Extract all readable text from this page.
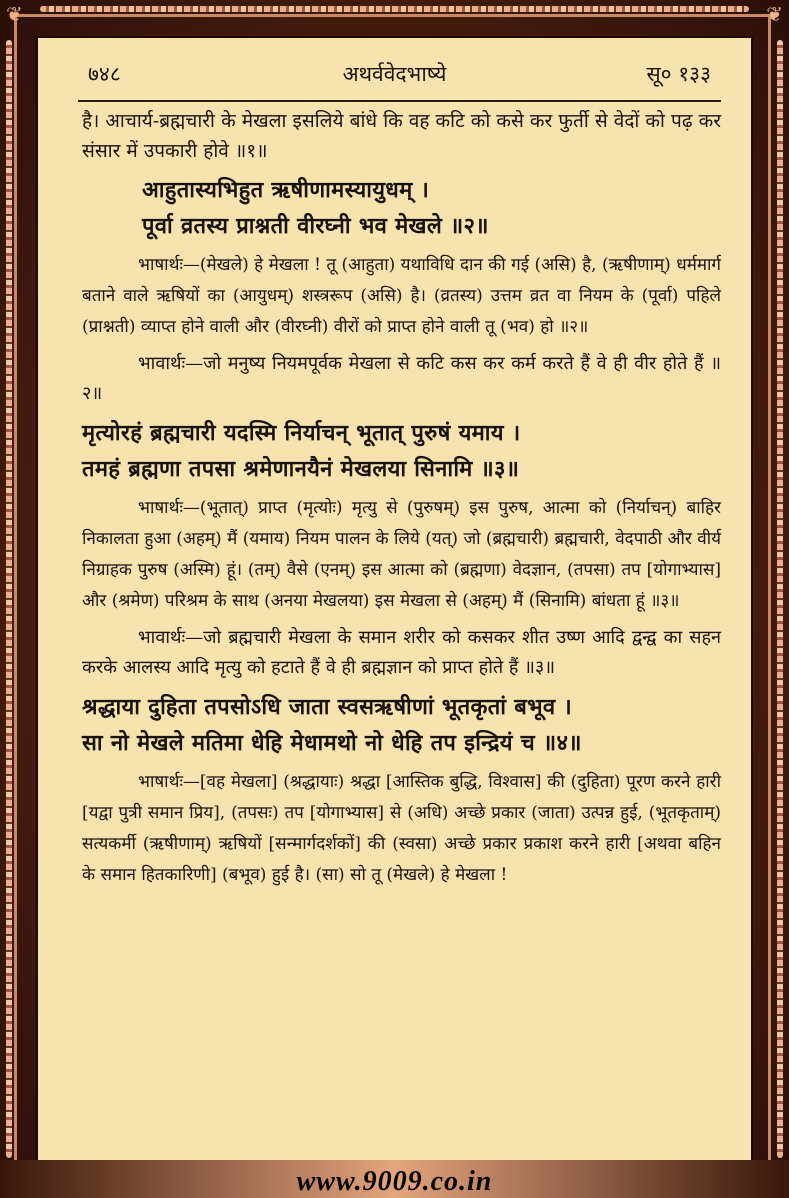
❦	❦
७४८	अथर्ववेदभाष्ये	सू० १३३

है। आचार्य-ब्रह्मचारी के मेखला इसलिये बांधे कि वह कटि को कसे कर फुर्ती से वेदों को पढ़ कर संसार में उपकारी होवे ॥१॥

आहुतास्यभिहुत ऋषीणामस्यायुधम् ।

पूर्वा व्रतस्य प्राश्नती वीरघ्नी भव मेखले ॥२॥

भाषार्थः—(मेखले) हे मेखला ! तू (आहुता) यथाविधि दान की गई (असि) है, (ऋषीणाम्) धर्ममार्ग बताने वाले ऋषियों का (आयुधम्) शस्त्ररूप (असि) है। (व्रतस्य) उत्तम व्रत वा नियम के (पूर्वा) पहिले (प्राश्नती) व्याप्त होने वाली और (वीरघ्नी) वीरों को प्राप्त होने वाली तू (भव) हो ॥२॥

भावार्थः—जो मनुष्य नियमपूर्वक मेखला से कटि कस कर कर्म करते हैं वे ही वीर होते हैं ॥२॥

मृत्योरहं ब्रह्मचारी यदस्मि निर्याचन् भूतात् पुरुषं यमाय ।

तमहं ब्रह्मणा तपसा श्रमेणानयैनं मेखलया सिनामि ॥३॥

भाषार्थः—(भूतात्) प्राप्त (मृत्योः) मृत्यु से (पुरुषम्) इस पुरुष, आत्मा को (निर्याचन्) बाहिर निकालता हुआ (अहम्) मैं (यमाय) नियम पालन के लिये (यत्) जो (ब्रह्मचारी) ब्रह्मचारी, वेदपाठी और वीर्य निग्राहक पुरुष (अस्मि) हूं। (तम्) वैसे (एनम्) इस आत्मा को (ब्रह्मणा) वेदज्ञान, (तपसा) तप [योगाभ्यास] और (श्रमेण) परिश्रम के साथ (अनया मेखलया) इस मेखला से (अहम्) मैं (सिनामि) बांधता हूं ॥३॥

भावार्थः—जो ब्रह्मचारी मेखला के समान शरीर को कसकर शीत उष्ण आदि द्वन्द्व का सहन करके आलस्य आदि मृत्यु को हटाते हैं वे ही ब्रह्मज्ञान को प्राप्त होते हैं ॥३॥

श्रद्धाया दुहिता तपसोऽधि जाता स्वसऋषीणां भूतकृतां बभूव ।

सा नो मेखले मतिमा धेहि मेधामथो नो धेहि तप इन्द्रियं च ॥४॥

भाषार्थः—[वह मेखला] (श्रद्धायाः) श्रद्धा [आस्तिक बुद्धि, विश्वास] की (दुहिता) पूरण करने हारी [यद्वा पुत्री समान प्रिय], (तपसः) तप [योगाभ्यास] से (अधि) अच्छे प्रकार (जाता) उत्पन्न हुई, (भूतकृताम्) सत्यकर्मी (ऋषीणाम्) ऋषियों [सन्मार्गदर्शकों] की (स्वसा) अच्छे प्रकार प्रकाश करने हारी [अथवा बहिन के समान हितकारिणी] (बभूव) हुई है। (सा) सो तू (मेखले) हे मेखला !

www.9009.co.in
